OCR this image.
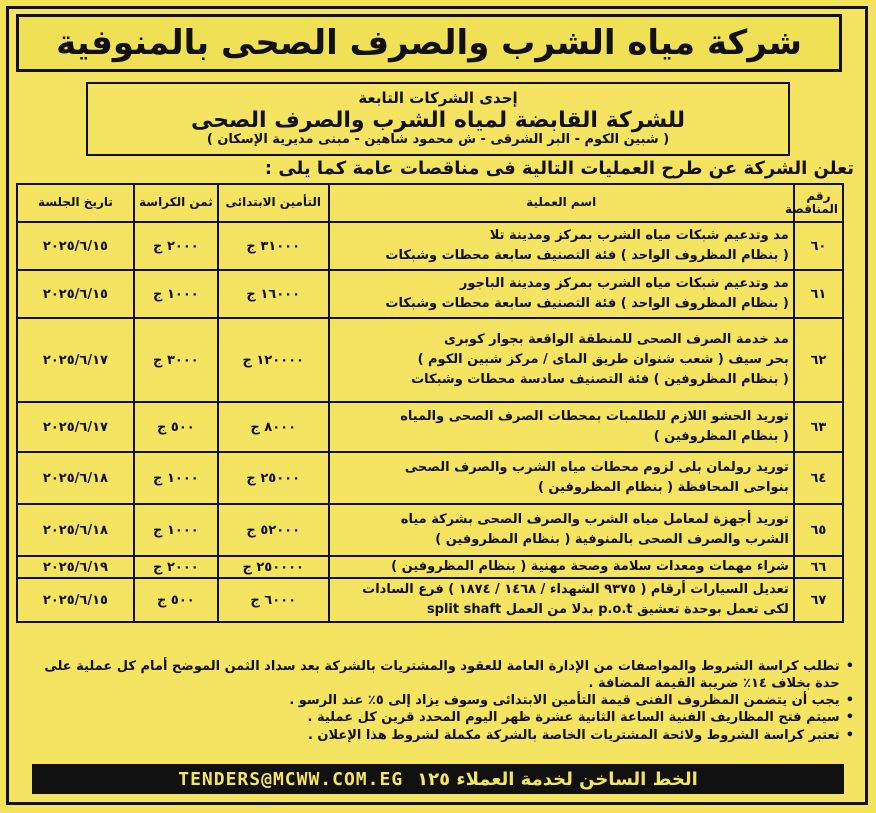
شركة مياه الشرب والصرف الصحى بالمنوفية
إحدى الشركات التابعة
للشركة القابضة لمياه الشرب والصرف الصحى
( شبين الكوم - البر الشرقى - ش محمود شاهين - مبنى مديرية الإسكان )
تعلن الشركة عن طرح العمليات التالية فى مناقصات عامة كما يلى :
رقم المناقصة	اسم العملية	التأمين الابتدائى	ثمن الكراسة	تاريخ الجلسة
٦٠	مد وتدعيم شبكات مياه الشرب بمركز ومدينة تلا
( بنظام المظروف الواحد ) فئة التصنيف سابعة محطات وشبكات	٣١٠٠٠ ج	٢٠٠٠ ج	٢٠٢٥/٦/١٥
٦١	مد وتدعيم شبكات مياه الشرب بمركز ومدينة الباجور
( بنظام المظروف الواحد ) فئة التصنيف سابعة محطات وشبكات	١٦٠٠٠ ج	١٠٠٠ ج	٢٠٢٥/٦/١٥
٦٢	مد خدمة الصرف الصحى للمنطقة الواقعة بجوار كوبرى
بحر سيف ( شعب شنوان طريق الماى / مركز شبين الكوم )
( بنظام المظروفين ) فئة التصنيف سادسة محطات وشبكات	١٢٠٠٠٠ ج	٣٠٠٠ ج	٢٠٢٥/٦/١٧
٦٣	توريد الحشو اللازم للطلمبات بمحطات الصرف الصحى والمياه
( بنظام المظروفين )	٨٠٠٠ ج	٥٠٠ ج	٢٠٢٥/٦/١٧
٦٤	توريد رولمان بلى لزوم محطات مياه الشرب والصرف الصحى
بنواحى المحافظة ( بنظام المظروفين )	٢٥٠٠٠ ج	١٠٠٠ ج	٢٠٢٥/٦/١٨
٦٥	توريد أجهزة لمعامل مياه الشرب والصرف الصحى بشركة مياه
الشرب والصرف الصحى بالمنوفية ( بنظام المظروفين )	٥٢٠٠٠ ج	١٠٠٠ ج	٢٠٢٥/٦/١٨
٦٦	شراء مهمات ومعدات سلامة وصحة مهنية ( بنظام المظروفين )	٢٥٠٠٠٠ ج	٢٠٠٠ ج	٢٠٢٥/٦/١٩
٦٧	تعديل السيارات أرقام ( ٩٣٧٥ الشهداء / ١٤٦٨ / ١٨٧٤ ) فرع السادات
لكى تعمل بوحدة تعشيق p.o.t بدلا من العمل split shaft	٦٠٠٠ ج	٥٠٠ ج	٢٠٢٥/٦/١٥
•
تطلب كراسة الشروط والمواصفات من الإدارة العامة للعقود والمشتريات بالشركة بعد سداد الثمن الموضح أمام كل عملية على حدة بخلاف ١٤٪ ضريبة القيمة المضافة .
•
يجب أن يتضمن المظروف الفنى قيمة التأمين الابتدائى وسوف يزاد إلى ٥٪ عند الرسو .
•
سيتم فتح المظاريف الفنية الساعة الثانية عشرة ظهر اليوم المحدد قرين كل عملية .
•
تعتبر كراسة الشروط ولائحة المشتريات الخاصة بالشركة مكملة لشروط هذا الإعلان .
الخط الساخن لخدمة العملاء ١٢٥
TENDERS@MCWW.COM.EG
